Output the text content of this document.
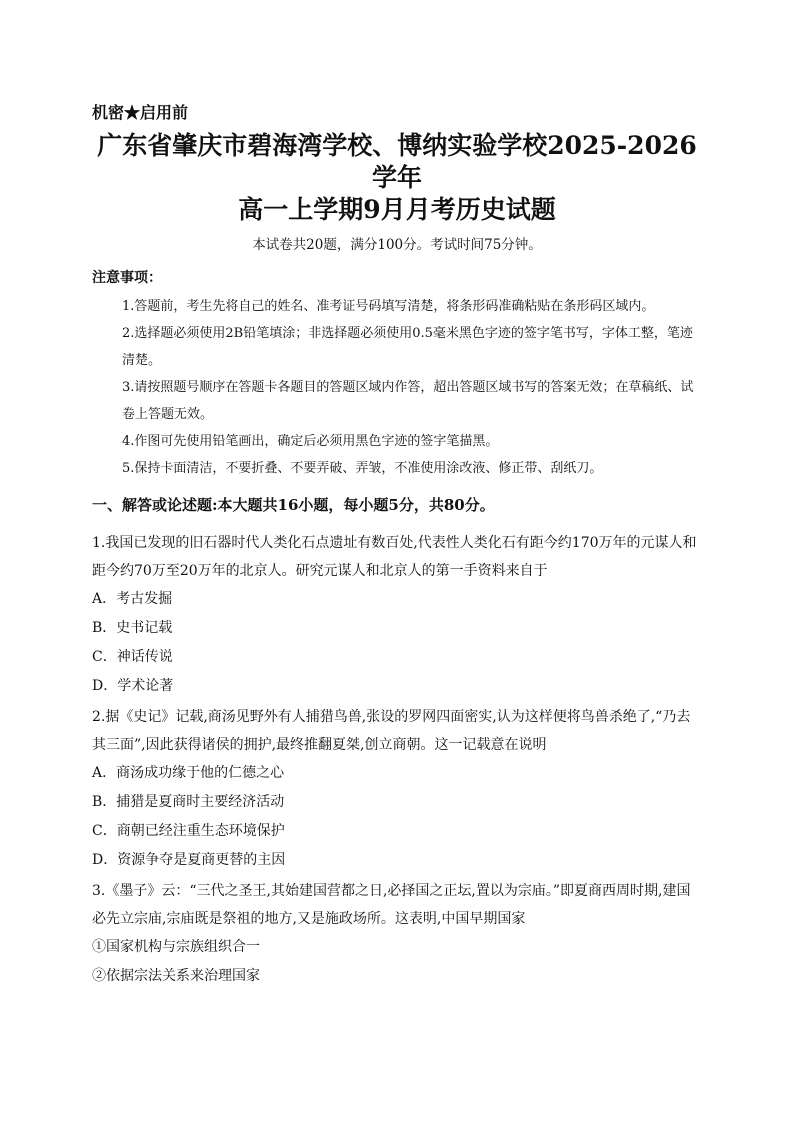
机密★启用前

广东省肇庆市碧海湾学校、博纳实验学校2025-2026学年
高一上学期9月月考历史试题

本试卷共20题，满分100分。考试时间75分钟。

注意事项：

1.答题前，考生先将自己的姓名、准考证号码填写清楚，将条形码准确粘贴在条形码区域内。

2.选择题必须使用2B铅笔填涂；非选择题必须使用0.5毫米黑色字迹的签字笔书写，字体工整，笔迹清楚。

3.请按照题号顺序在答题卡各题目的答题区域内作答，超出答题区域书写的答案无效；在草稿纸、试卷上答题无效。

4.作图可先使用铅笔画出，确定后必须用黑色字迹的签字笔描黑。

5.保持卡面清洁，不要折叠、不要弄破、弄皱，不准使用涂改液、修正带、刮纸刀。

一、解答或论述题:本大题共16小题，每小题5分，共80分。

1.我国已发现的旧石器时代人类化石点遗址有数百处,代表性人类化石有距今约170万年的元谋人和距今约70万至20万年的北京人。研究元谋人和北京人的第一手资料来自于

A．考古发掘

B．史书记载

C．神话传说

D．学术论著

2.据《史记》记载,商汤见野外有人捕猎鸟兽,张设的罗网四面密实,认为这样便将鸟兽杀绝了,“乃去其三面”,因此获得诸侯的拥护,最终推翻夏桀,创立商朝。这一记载意在说明

A．商汤成功缘于他的仁德之心

B．捕猎是夏商时主要经济活动

C．商朝已经注重生态环境保护

D．资源争夺是夏商更替的主因

3.《墨子》云：“三代之圣王,其始建国营都之日,必择国之正坛,置以为宗庙。”即夏商西周时期,建国必先立宗庙,宗庙既是祭祖的地方,又是施政场所。这表明,中国早期国家

①国家机构与宗族组织合一

②依据宗法关系来治理国家
